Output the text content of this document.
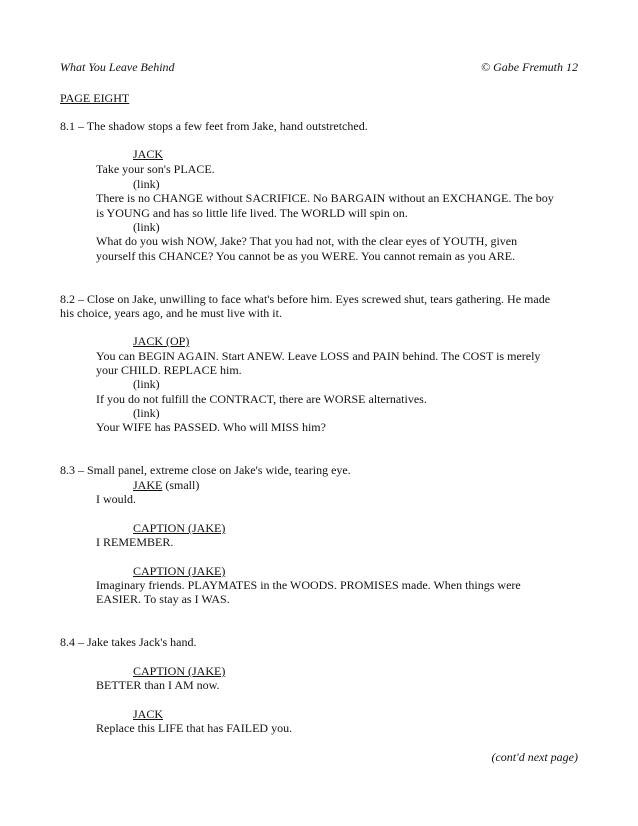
What You Leave Behind	© Gabe Fremuth 12
PAGE EIGHT
8.1 – The shadow stops a few feet from Jake, hand outstretched.
JACK
Take your son's PLACE.
(link)
There is no CHANGE without SACRIFICE. No BARGAIN without an EXCHANGE. The boy
is YOUNG and has so little life lived. The WORLD will spin on.
(link)
What do you wish NOW, Jake? That you had not, with the clear eyes of YOUTH, given
yourself this CHANCE? You cannot be as you WERE. You cannot remain as you ARE.
8.2 – Close on Jake, unwilling to face what's before him. Eyes screwed shut, tears gathering. He made
his choice, years ago, and he must live with it.
JACK (OP)
You can BEGIN AGAIN. Start ANEW. Leave LOSS and PAIN behind. The COST is merely
your CHILD. REPLACE him.
(link)
If you do not fulfill the CONTRACT, there are WORSE alternatives.
(link)
Your WIFE has PASSED. Who will MISS him?
8.3 – Small panel, extreme close on Jake's wide, tearing eye.
JAKE (small)
I would.
CAPTION (JAKE)
I REMEMBER.
CAPTION (JAKE)
Imaginary friends. PLAYMATES in the WOODS. PROMISES made. When things were
EASIER. To stay as I WAS.
8.4 – Jake takes Jack's hand.
CAPTION (JAKE)
BETTER than I AM now.
JACK
Replace this LIFE that has FAILED you.
(cont'd next page)
